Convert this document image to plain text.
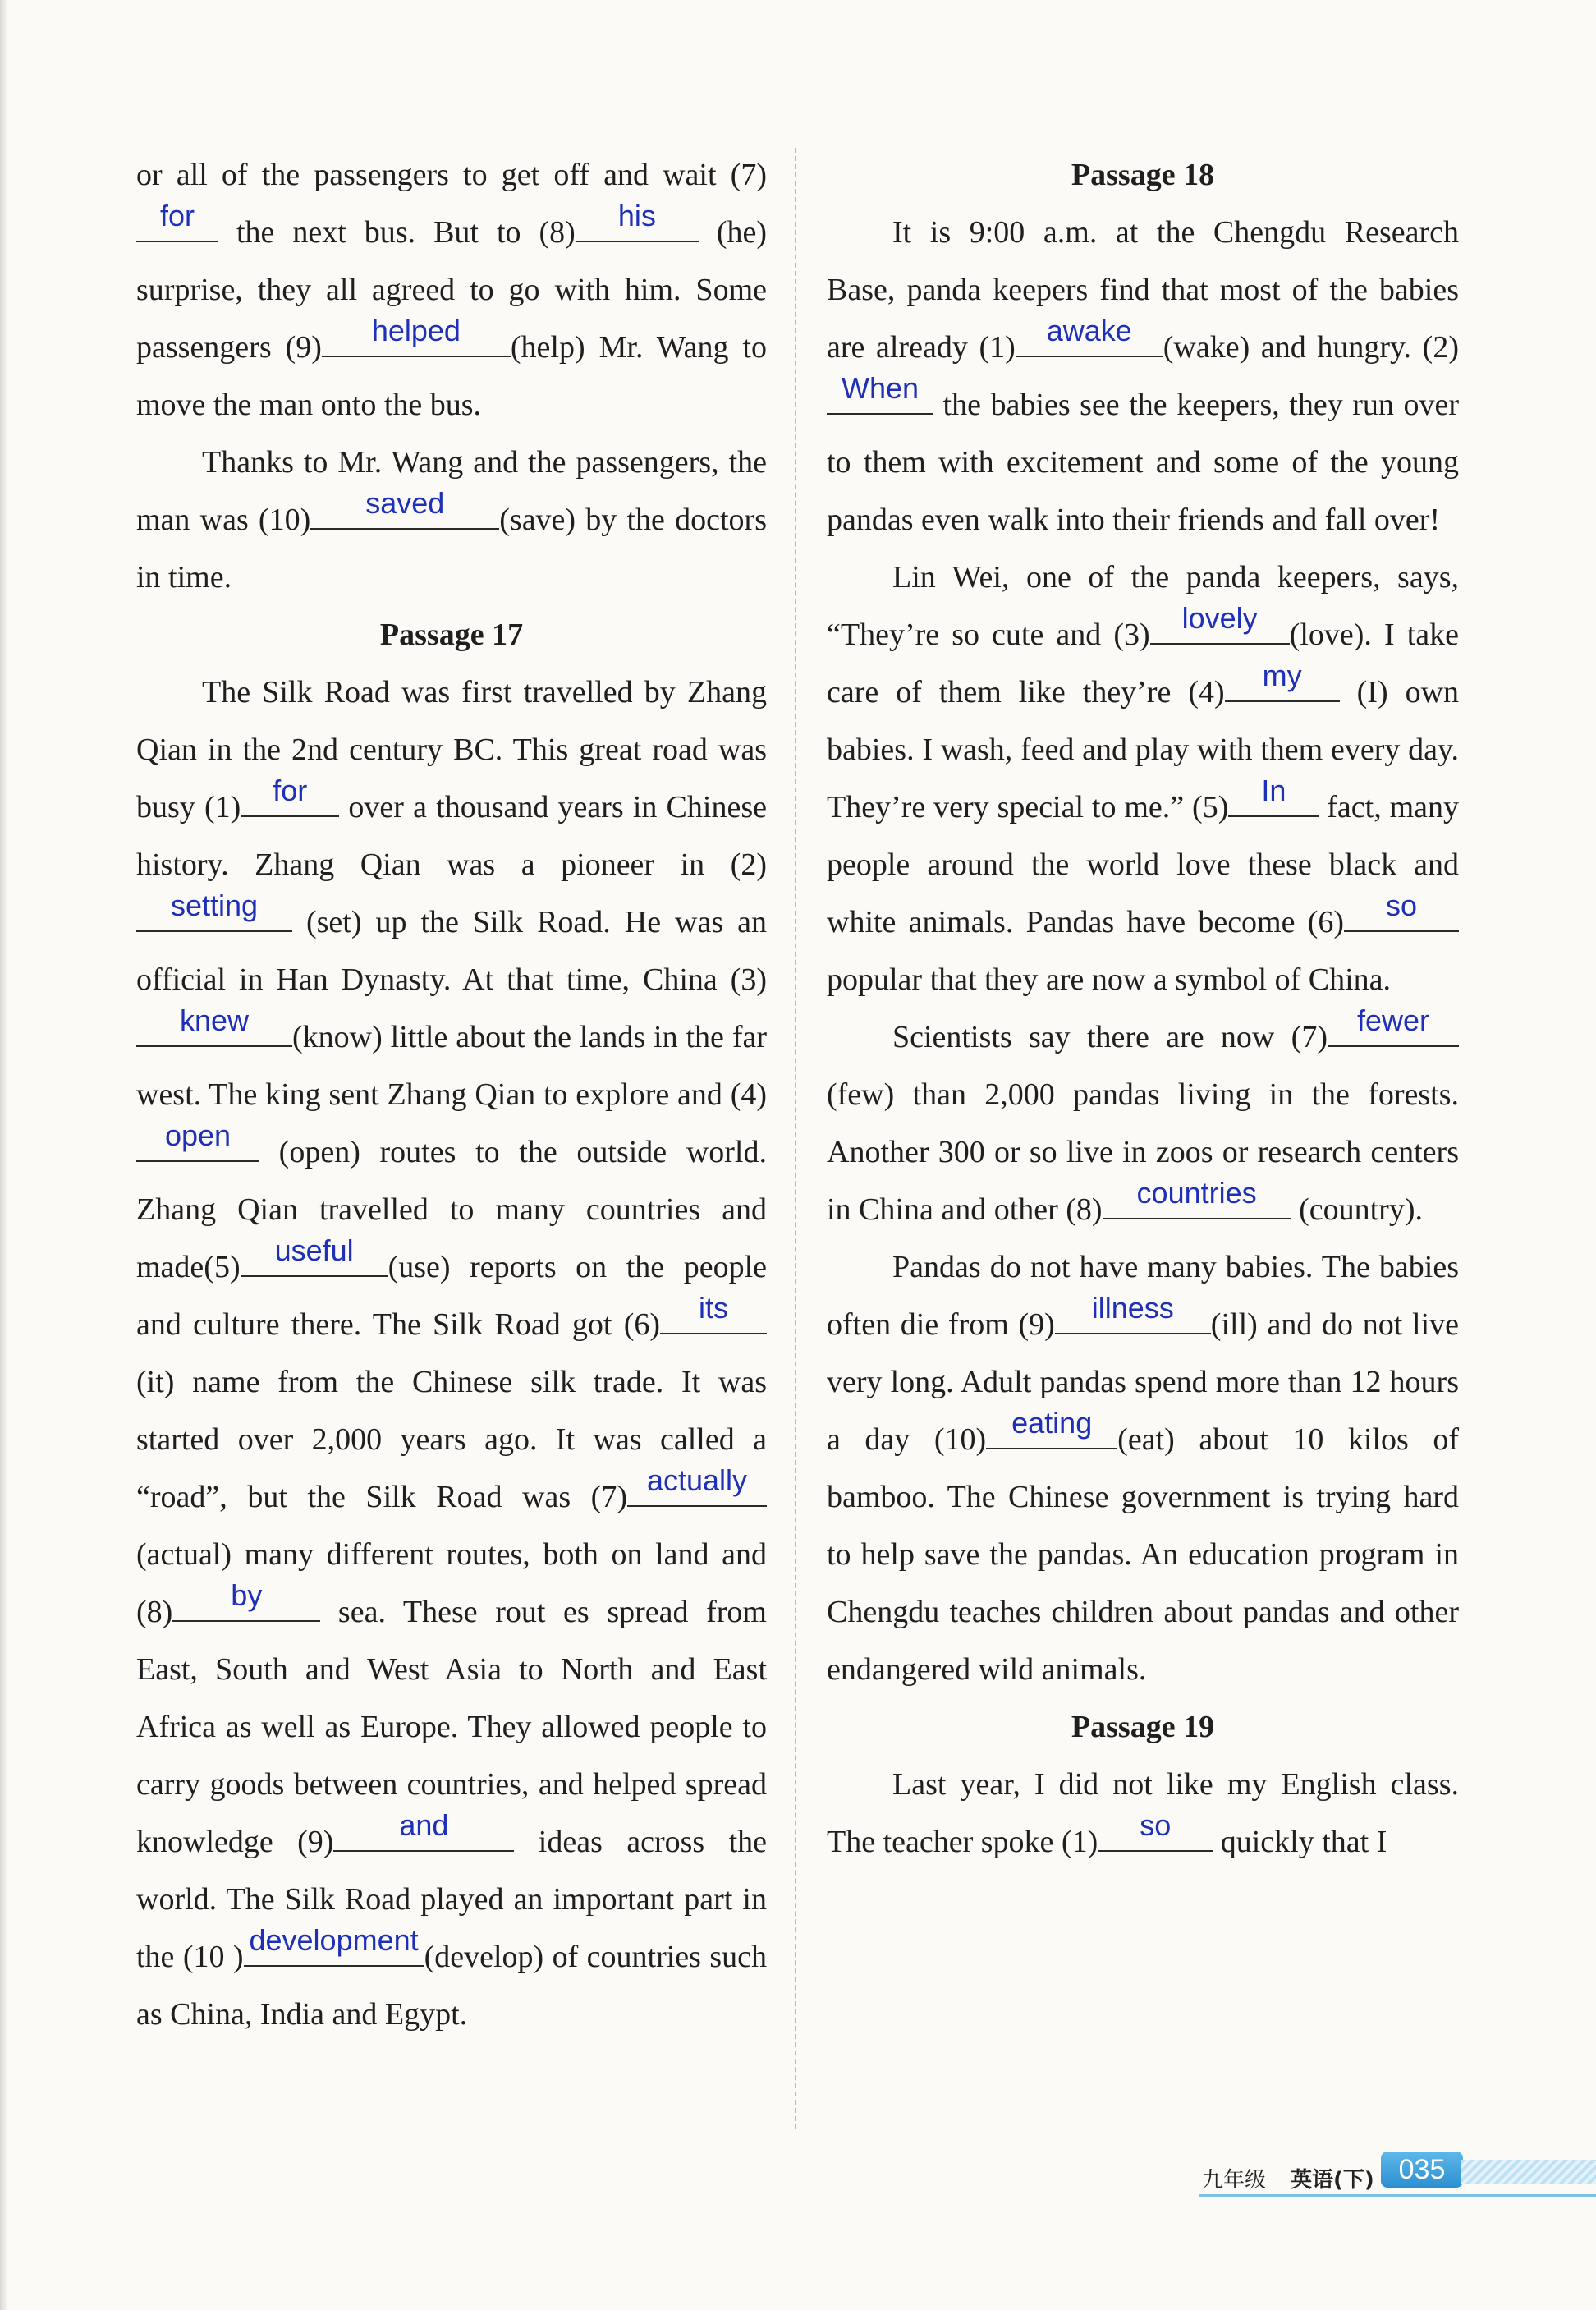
or all of the passengers to get off and wait (7)
for the next bus. But to (8)	his	(he) surprise, they all agreed to go with him. Some passengers (9)	helped	(help) Mr. Wang to move the man onto the bus.

Thanks to Mr. Wang and the passengers, the man was (10)	saved	(save) by the doctors in time.

Passage 17

The Silk Road was first travelled by Zhang Qian in the 2nd century BC. This great road was busy (1)	for	over a thousand years in Chinese history. Zhang Qian was a pioneer in (2)
setting	(set) up the Silk Road. He was an official in Han Dynasty. At that time, China (3)
knew	(know) little about the lands in the far west. The king sent Zhang Qian to explore and (4)
open (open) routes to the outside world. Zhang Qian travelled to many countries and made(5)	useful	(use) reports on the people and culture there. The Silk Road got (6)	its
(it) name from the Chinese silk trade. It was started over 2,000 years ago. It was called a “road”, but the Silk Road was (7) actually
(actual) many different routes, both on land and (8)	by	sea. These rout es spread from East, South and West Asia to North and East Africa as well as Europe. They allowed people to carry goods between countries, and helped spread knowledge (9)	and	ideas across the world. The Silk Road played an important part in the (10 ) development (develop) of countries such as China, India and Egypt.

Passage 18

It is 9:00 a.m. at the Chengdu Research Base, panda keepers find that most of the babies are already (1)	awake (wake) and hungry. (2)
When the babies see the keepers, they run over to them with excitement and some of the young pandas even walk into their friends and fall over!

Lin Wei, one of the panda keepers, says, “They’re so cute and (3)	lovely	(love). I take care of them like they’re (4)	my	(I) own babies. I wash, feed and play with them every day. They’re very special to me.” (5)	In	fact, many people around the world love these black and white animals. Pandas have become (6)	so
popular that they are now a symbol of China.

Scientists say there are now (7) fewer
(few) than 2,000 pandas living in the forests. Another 300 or so live in zoos or research centers in China and other (8)	countries	(country).

Pandas do not have many babies. The babies often die from (9)	illness	(ill) and do not live very long. Adult pandas spend more than 12 hours a day (10) eating (eat) about 10 kilos of bamboo. The Chinese government is trying hard to help save the pandas. An education program in Chengdu teaches children about pandas and other endangered wild animals.

Passage 19

Last year, I did not like my English class. The teacher spoke (1)	so	quickly that I

九年级 英语(下) 035
